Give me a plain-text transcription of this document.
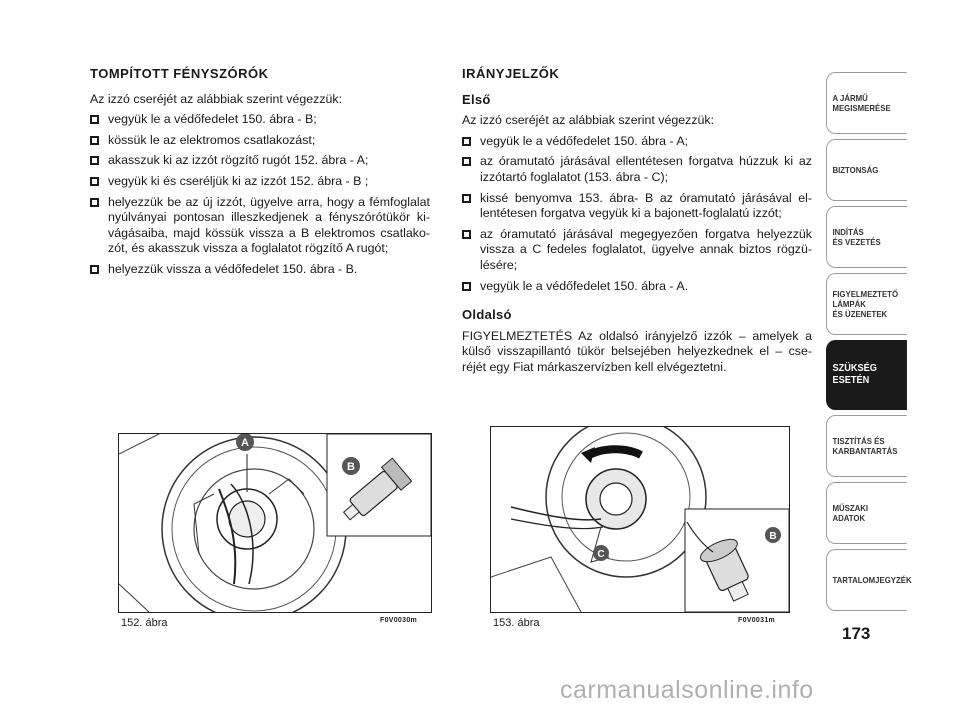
TOMPÍTOTT FÉNYSZÓRÓK

Az izzó cseréjét az alábbiak szerint végezzük:

vegyük le a védőfedelet 150. ábra - B;
kössük le az elektromos csatlakozást;
akasszuk ki az izzót rögzítő rugót 152. ábra - A;
vegyük ki és cseréljük ki az izzót 152. ábra - B ;
helyezzük be az új izzót, ügyelve arra, hogy a fémfoglalat nyúlványai pontosan illeszkedjenek a fényszórótükör ki-vágásaiba, majd kössük vissza a B elektromos csatlako-zót, és akasszuk vissza a foglalatot rögzítő A rugót;
helyezzük vissza a védőfedelet 150. ábra - B.
IRÁNYJELZŐK
Első

Az izzó cseréjét az alábbiak szerint végezzük:

vegyük le a védőfedelet 150. ábra - A;
az óramutató járásával ellentétesen forgatva húzzuk ki az izzótartó foglalatot (153. ábra - C);
kissé benyomva 153. ábra- B az óramutató járásával el-lentétesen forgatva vegyük ki a bajonett-foglalatú izzót;
az óramutató járásával megegyezően forgatva helyezzük vissza a C fedeles foglalatot, ügyelve annak biztos rögzü-lésére;
vegyük le a védőfedelet 150. ábra - A.
Oldalsó

FIGYELMEZTETÉS Az oldalsó irányjelző izzók – amelyek a külső visszapillantó tükör belsejében helyezkednek el – cse-réjét egy Fiat márkaszervízben kell elvégeztetni.

A
B
152. ábra	F0V0030m
B
C
153. ábra	F0V0031m
A JÁRMŰ
MEGISMERÉSE
BIZTONSÁG
INDÍTÁS
ÉS VEZETÉS
FIGYELMEZTETŐ
LÁMPÁK
ÉS ÜZENETEK
SZÜKSÉG
ESETÉN
TISZTÍTÁS ÉS
KARBANTARTÁS
MŰSZAKI
ADATOK
TARTALOMJEGYZÉK
173
carmanualsonline.info
